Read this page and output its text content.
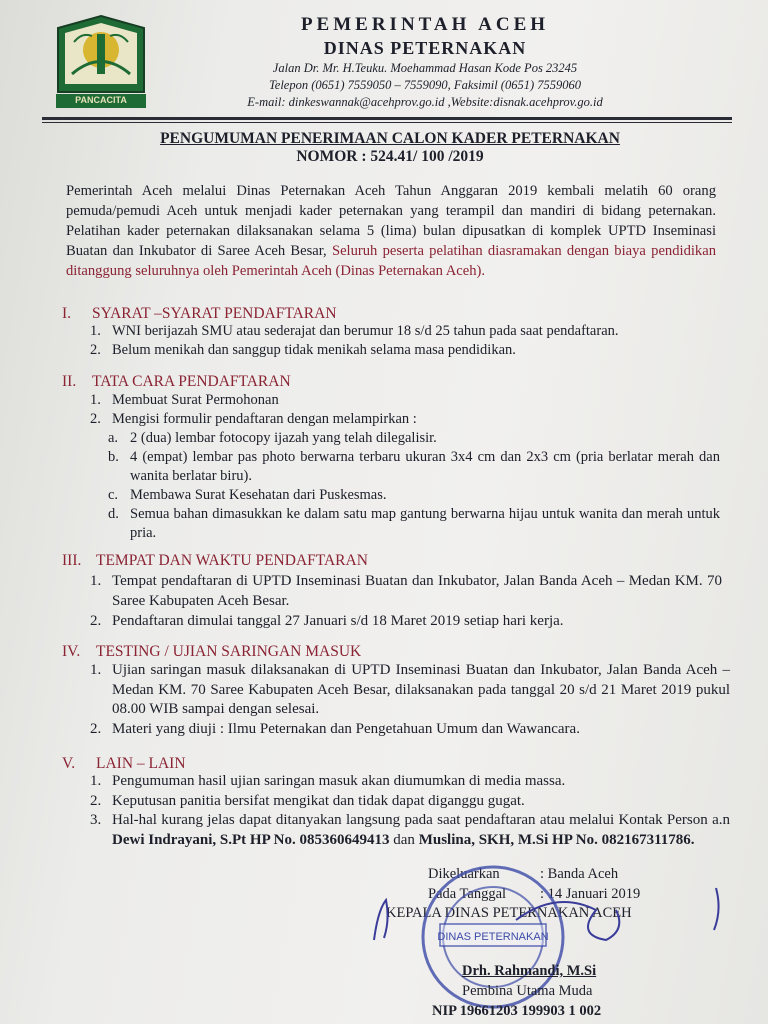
PANCACITA
PEMERINTAH ACEH
DINAS PETERNAKAN
Jalan Dr. Mr. H.Teuku. Moehammad Hasan Kode Pos 23245
Telepon (0651) 7559050 – 7559090, Faksimil (0651) 7559060
E-mail: dinkeswannak@acehprov.go.id ,Website:disnak.acehprov.go.id
PENGUMUMAN PENERIMAAN CALON KADER PETERNAKAN
NOMOR : 524.41/ 100 /2019

Pemerintah Aceh melalui Dinas Peternakan Aceh Tahun Anggaran 2019 kembali melatih 60 orang pemuda/pemudi Aceh untuk menjadi kader peternakan yang terampil dan mandiri di bidang peternakan. Pelatihan kader peternakan dilaksanakan selama 5 (lima) bulan dipusatkan di komplek UPTD Inseminasi Buatan dan Inkubator di Saree Aceh Besar, Seluruh peserta pelatihan diasramakan dengan biaya pendidikan ditanggung seluruhnya oleh Pemerintah Aceh (Dinas Peternakan Aceh).

I. SYARAT –SYARAT PENDAFTARAN
1. WNI berijazah SMU atau sederajat dan berumur 18 s/d 25 tahun pada saat pendaftaran.
2. Belum menikah dan sanggup tidak menikah selama masa pendidikan.
II. TATA CARA PENDAFTARAN
1. Membuat Surat Permohonan
2. Mengisi formulir pendaftaran dengan melampirkan :
a. 2 (dua) lembar fotocopy ijazah yang telah dilegalisir.
b. 4 (empat) lembar pas photo berwarna terbaru ukuran 3x4 cm dan 2x3 cm (pria berlatar merah dan wanita berlatar biru).
c. Membawa Surat Kesehatan dari Puskesmas.
d. Semua bahan dimasukkan ke dalam satu map gantung berwarna hijau untuk wanita dan merah untuk pria.
III. TEMPAT DAN WAKTU PENDAFTARAN
1. Tempat pendaftaran di UPTD Inseminasi Buatan dan Inkubator, Jalan Banda Aceh – Medan KM. 70 Saree Kabupaten Aceh Besar.
2. Pendaftaran dimulai tanggal 27 Januari s/d 18 Maret 2019 setiap hari kerja.
IV. TESTING / UJIAN SARINGAN MASUK
1. Ujian saringan masuk dilaksanakan di UPTD Inseminasi Buatan dan Inkubator, Jalan Banda Aceh – Medan KM. 70 Saree Kabupaten Aceh Besar, dilaksanakan pada tanggal 20 s/d 21 Maret 2019 pukul 08.00 WIB sampai dengan selesai.
2. Materi yang diuji : Ilmu Peternakan dan Pengetahuan Umum dan Wawancara.
V. LAIN – LAIN
1. Pengumuman hasil ujian saringan masuk akan diumumkan di media massa.
2. Keputusan panitia bersifat mengikat dan tidak dapat diganggu gugat.
3. Hal-hal kurang jelas dapat ditanyakan langsung pada saat pendaftaran atau melalui Kontak Person a.n Dewi Indrayani, S.Pt HP No. 085360649413 dan Muslina, SKH, M.Si HP No. 082167311786.
Dikeluarkan	: Banda Aceh
Pada Tanggal : 14 Januari 2019
KEPALA DINAS PETERNAKAN ACEH
DINAS PETERNAKAN
Drh. Rahmandi, M.Si
Pembina Utama Muda
NIP 19661203 199903 1 002
